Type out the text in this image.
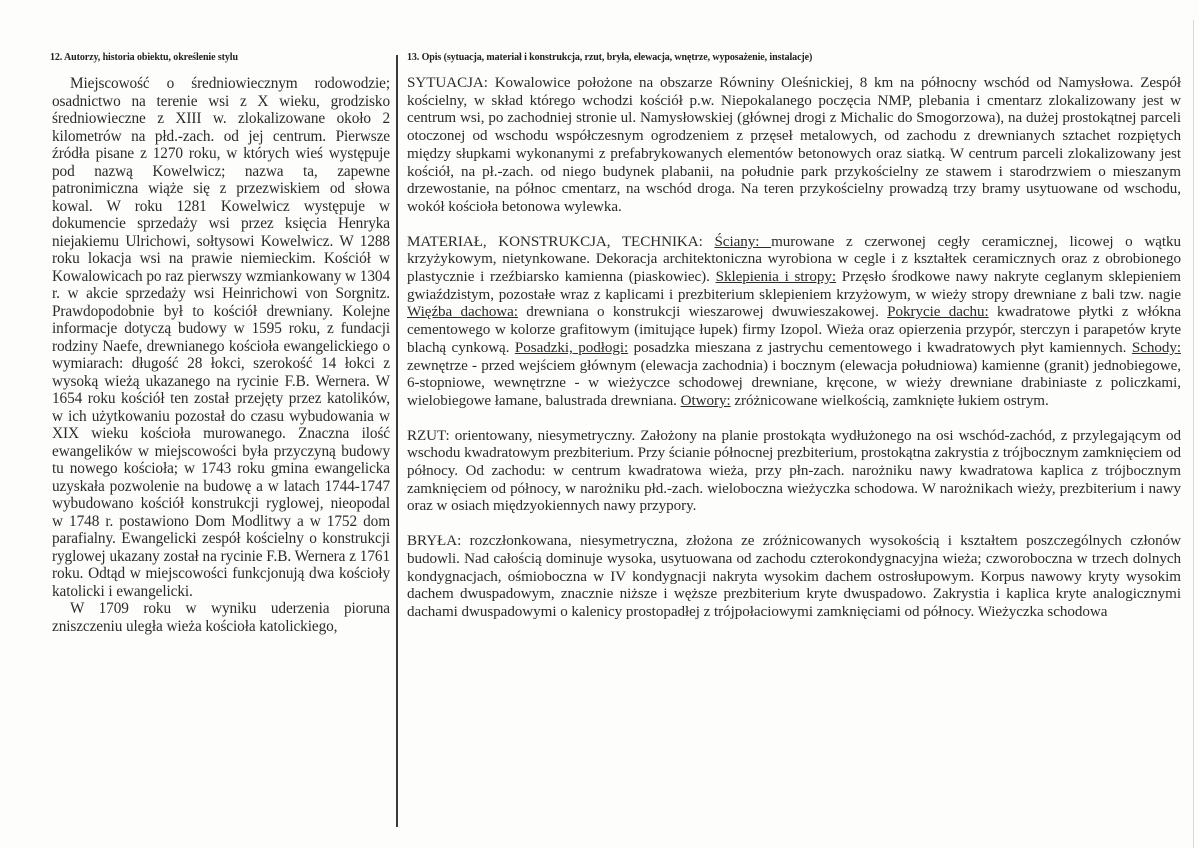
12. Autorzy, historia obiektu, określenie stylu

Miejscowość o średniowiecznym rodowodzie; osadnictwo na terenie wsi z X wieku, grodzisko średniowieczne z XIII w. zlokalizowane około 2 kilometrów na płd.-zach. od jej centrum. Pierwsze źródła pisane z 1270 roku, w których wieś występuje pod nazwą Kowelwicz; nazwa ta, zapewne patronimiczna wiąże się z przezwiskiem od słowa kowal. W roku 1281 Kowelwicz występuje w dokumencie sprzedaży wsi przez księcia Henryka niejakiemu Ulrichowi, sołtysowi Kowelwicz. W 1288 roku lokacja wsi na prawie niemieckim. Kościół w Kowalowicach po raz pierwszy wzmiankowany w 1304 r. w akcie sprzedaży wsi Heinrichowi von Sorgnitz. Prawdopodobnie był to kościół drewniany. Kolejne informacje dotyczą budowy w 1595 roku, z fundacji rodziny Naefe, drewnianego kościoła ewangelickiego o wymiarach: długość 28 łokci, szerokość 14 łokci z wysoką wieżą ukazanego na rycinie F.B. Wernera. W 1654 roku kościół ten został przejęty przez katolików, w ich użytkowaniu pozostał do czasu wybudowania w XIX wieku kościoła murowanego. Znaczna ilość ewangelików w miejscowości była przyczyną budowy tu nowego kościoła; w 1743 roku gmina ewangelicka uzyskała pozwolenie na budowę a w latach 1744-1747 wybudowano kościół konstrukcji ryglowej, nieopodal w 1748 r. postawiono Dom Modlitwy a w 1752 dom parafialny. Ewangelicki zespół kościelny o konstrukcji ryglowej ukazany został na rycinie F.B. Wernera z 1761 roku. Odtąd w miejscowości funkcjonują dwa kościoły katolicki i ewangelicki.

W 1709 roku w wyniku uderzenia pioruna zniszczeniu uległa wieża kościoła katolickiego,

13. Opis (sytuacja, materiał i konstrukcja, rzut, bryła, elewacja, wnętrze, wyposażenie, instalacje)

SYTUACJA: Kowalowice położone na obszarze Równiny Oleśnickiej, 8 km na północny wschód od Namysłowa. Zespół kościelny, w skład którego wchodzi kościół p.w. Niepokalanego poczęcia NMP, plebania i cmentarz zlokalizowany jest w centrum wsi, po zachodniej stronie ul. Namysłowskiej (głównej drogi z Michalic do Smogorzowa), na dużej prostokątnej parceli otoczonej od wschodu współczesnym ogrodzeniem z przęseł metalowych, od zachodu z drewnianych sztachet rozpiętych między słupkami wykonanymi z prefabrykowanych elementów betonowych oraz siatką. W centrum parceli zlokalizowany jest kościół, na pł.-zach. od niego budynek plabanii, na południe park przykościelny ze stawem i starodrzwiem o mieszanym drzewostanie, na północ cmentarz, na wschód droga. Na teren przykościelny prowadzą trzy bramy usytuowane od wschodu, wokół kościoła betonowa wylewka.

MATERIAŁ, KONSTRUKCJA, TECHNIKA: Ściany: murowane z czerwonej cegły ceramicznej, licowej o wątku krzyżykowym, nietynkowane. Dekoracja architektoniczna wyrobiona w cegle i z kształtek ceramicznych oraz z obrobionego plastycznie i rzeźbiarsko kamienna (piaskowiec). Sklepienia i stropy: Przęsło środkowe nawy nakryte ceglanym sklepieniem gwiaździstym, pozostałe wraz z kaplicami i prezbiterium sklepieniem krzyżowym, w wieży stropy drewniane z bali tzw. nagie Więźba dachowa: drewniana o konstrukcji wieszarowej dwuwieszakowej. Pokrycie dachu: kwadratowe płytki z włókna cementowego w kolorze grafitowym (imitujące łupek) firmy Izopol. Wieża oraz opierzenia przypór, sterczyn i parapetów kryte blachą cynkową. Posadzki, podłogi: posadzka mieszana z jastrychu cementowego i kwadratowych płyt kamiennych. Schody: zewnętrze - przed wejściem głównym (elewacja zachodnia) i bocznym (elewacja południowa) kamienne (granit) jednobiegowe, 6-stopniowe, wewnętrzne - w wieżyczce schodowej drewniane, kręcone, w wieży drewniane drabiniaste z policzkami, wielobiegowe łamane, balustrada drewniana. Otwory: zróżnicowane wielkością, zamknięte łukiem ostrym.

RZUT: orientowany, niesymetryczny. Założony na planie prostokąta wydłużonego na osi wschód-zachód, z przylegającym od wschodu kwadratowym prezbiterium. Przy ścianie północnej prezbiterium, prostokątna zakrystia z trójbocznym zamknięciem od północy. Od zachodu: w centrum kwadratowa wieża, przy płn-zach. narożniku nawy kwadratowa kaplica z trójbocznym zamknięciem od północy, w narożniku płd.-zach. wieloboczna wieżyczka schodowa. W narożnikach wieży, prezbiterium i nawy oraz w osiach międzyokiennych nawy przypory.

BRYŁA: rozczłonkowana, niesymetryczna, złożona ze zróżnicowanych wysokością i kształtem poszczególnych członów budowli. Nad całością dominuje wysoka, usytuowana od zachodu czterokondygnacyjna wieża; czworoboczna w trzech dolnych kondygnacjach, ośmioboczna w IV kondygnacji nakryta wysokim dachem ostrosłupowym. Korpus nawowy kryty wysokim dachem dwuspadowym, znacznie niższe i węższe prezbiterium kryte dwuspadowo. Zakrystia i kaplica kryte analogicznymi dachami dwuspadowymi o kalenicy prostopadłej z trójpołaciowymi zamknięciami od północy. Wieżyczka schodowa
